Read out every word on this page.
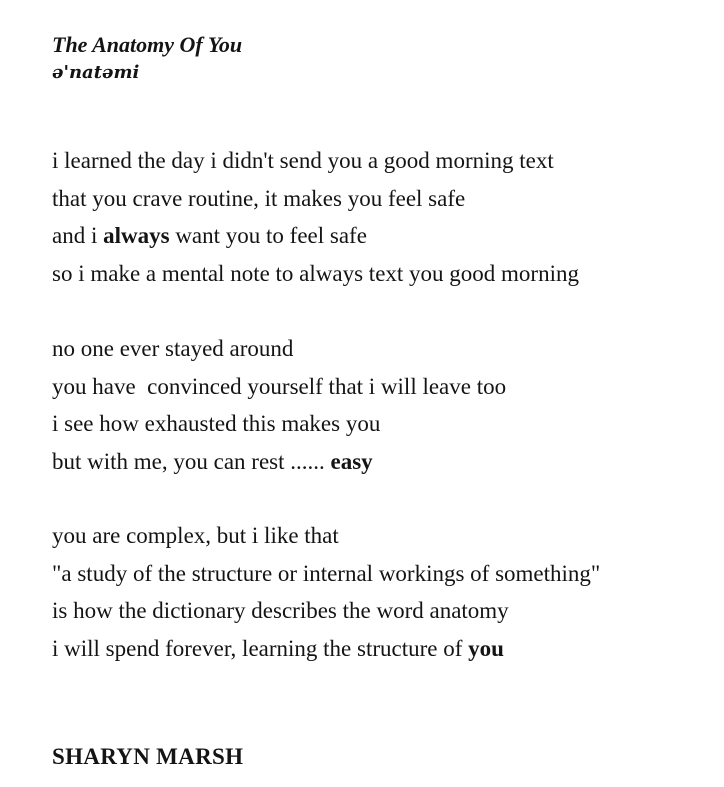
The Anatomy Of You

ə'natəmi

i learned the day i didn't send you a good morning text
that you crave routine, it makes you feel safe
and i always want you to feel safe
so i make a mental note to always text you good morning
no one ever stayed around
you have  convinced yourself that i will leave too
i see how exhausted this makes you
but with me, you can rest ...... easy
you are complex, but i like that
"a study of the structure or internal workings of something"
is how the dictionary describes the word anatomy
i will spend forever, learning the structure of you

SHARYN MARSH
